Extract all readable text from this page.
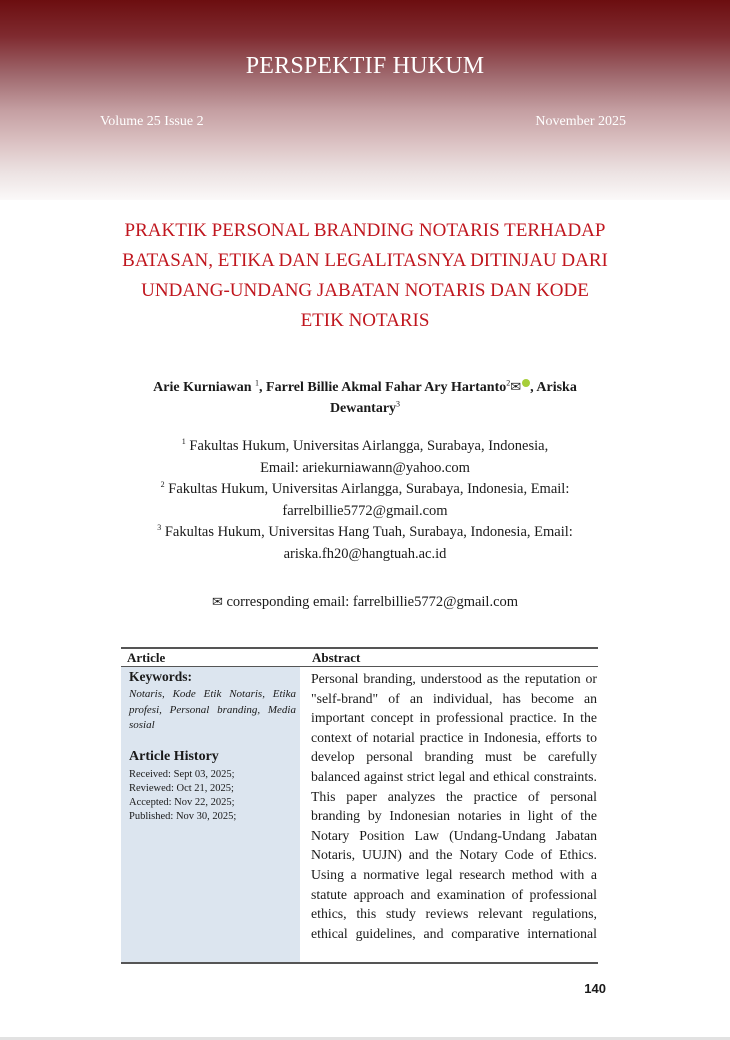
PERSPEKTIF HUKUM
Volume 25 Issue 2	November 2025
PRAKTIK PERSONAL BRANDING NOTARIS TERHADAP BATASAN, ETIKA DAN LEGALITASNYA DITINJAU DARI UNDANG-UNDANG JABATAN NOTARIS DAN KODE ETIK NOTARIS
Arie Kurniawan $^1$, Farrel Billie Akmal Fahar Ary Hartanto$^2$✉ , Ariska Dewantary$^3$
$^1$ Fakultas Hukum, Universitas Airlangga, Surabaya, Indonesia,
Email: ariekurniawann@yahoo.com
$^2$ Fakultas Hukum, Universitas Airlangga, Surabaya, Indonesia, Email:
farrelbillie5772@gmail.com
$^3$ Fakultas Hukum, Universitas Hang Tuah, Surabaya, Indonesia, Email:
ariska.fh20@hangtuah.ac.id
✉ corresponding email: farrelbillie5772@gmail.com
Keywords:
Notaris, Kode Etik Notaris, Etika profesi, Personal branding, Media sosial
Article History
Received: Sept 03, 2025;
Reviewed: Oct 21, 2025;
Accepted: Nov 22, 2025;
Published: Nov 30, 2025;
Article	Abstract
Personal branding, understood as the reputation or "self-brand" of an individual, has become an important concept in professional practice. In the context of notarial practice in Indonesia, efforts to develop personal branding must be carefully balanced against strict legal and ethical constraints. This paper analyzes the practice of personal branding by Indonesian notaries in light of the Notary Position Law (Undang-Undang Jabatan Notaris, UUJN) and the Notary Code of Ethics. Using a normative legal research method with a statute approach and examination of professional ethics, this study reviews relevant regulations, ethical guidelines, and comparative international
140
